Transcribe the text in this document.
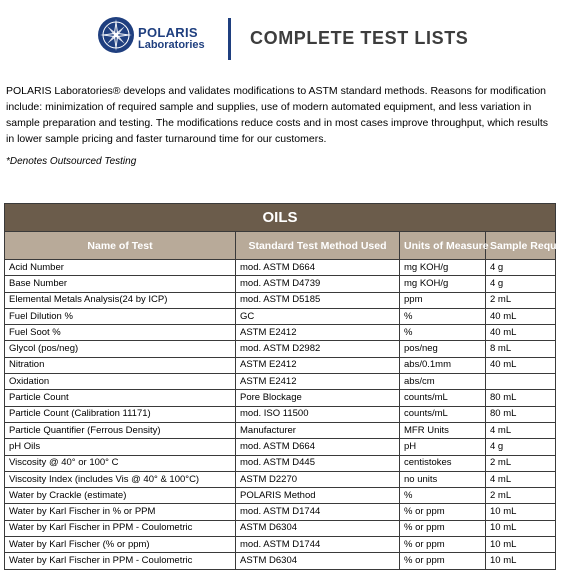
POLARIS
Laboratories	COMPLETE TEST LISTS
POLARIS Laboratories® develops and validates modifications to ASTM standard methods. Reasons for modification include: minimization of required sample and supplies, use of modern automated equipment, and less variation in sample preparation and testing. The modifications reduce costs and in most cases improve throughput, which results in lower sample pricing and faster turnaround time for our customers.
*Denotes Outsourced Testing
OILS			
Name of Test	Standard Test Method Used	Units of Measure	Sample Required
Acid Number	mod. ASTM D664	mg KOH/g	4 g
Base Number	mod. ASTM D4739	mg KOH/g	4 g
Elemental Metals Analysis(24 by ICP)	mod. ASTM D5185	ppm	2 mL
Fuel Dilution %	GC	%	40 mL
Fuel Soot %	ASTM E2412	%	40 mL
Glycol (pos/neg)	mod. ASTM D2982	pos/neg	8 mL
Nitration	ASTM E2412	abs/0.1mm	40 mL
Oxidation	ASTM E2412	abs/cm	
Particle Count	Pore Blockage	counts/mL	80 mL
Particle Count (Calibration 11171)	mod. ISO 11500	counts/mL	80 mL
Particle Quantifier (Ferrous Density)	Manufacturer	MFR Units	4 mL
pH Oils	mod. ASTM D664	pH	4 g
Viscosity @ 40° or 100° C	mod. ASTM D445	centistokes	2 mL
Viscosity Index (includes Vis @ 40° & 100°C)	ASTM D2270	no units	4 mL
Water by Crackle (estimate)	POLARIS Method	%	2 mL
Water by Karl Fischer in % or PPM	mod. ASTM D1744	% or ppm	10 mL
Water by Karl Fischer in PPM - Coulometric	ASTM D6304	% or ppm	10 mL
Water by Karl Fischer (% or ppm)	mod. ASTM D1744	% or ppm	10 mL
Water by Karl Fischer in PPM - Coulometric	ASTM D6304	% or ppm	10 mL
